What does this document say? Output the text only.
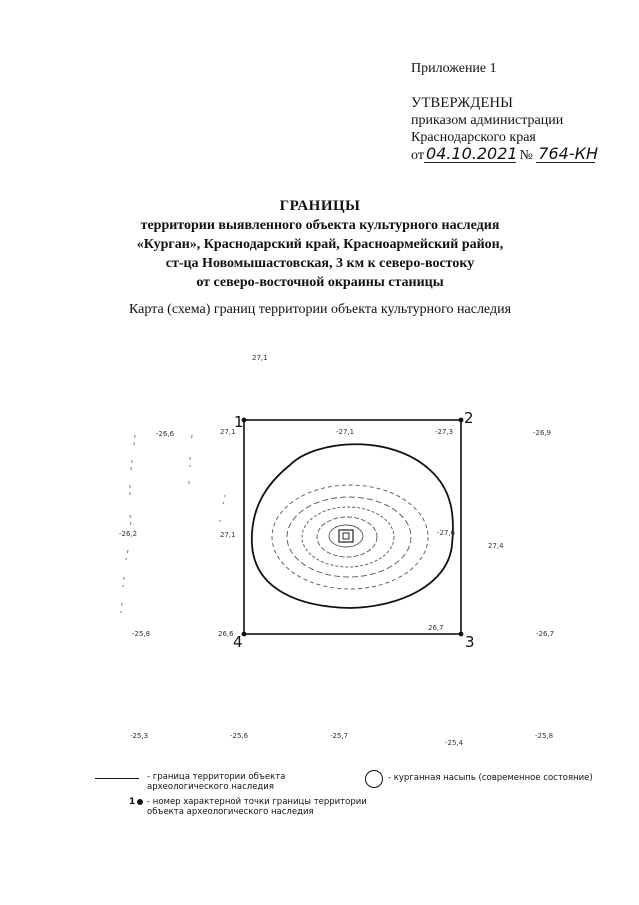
Приложение 1
УТВЕРЖДЕНЫ
приказом администрации
Краснодарского края
от 04.10.2021 № 764-КН
ГРАНИЦЫ
территории выявленного объекта культурного наследия
«Курган», Краснодарский край, Красноармейский район,
ст-ца Новомышастовская, 3 км к северо-востоку
от северо-восточной окраины станицы
Карта (схема) границ территории объекта культурного наследия
1	2
3
4
27,1
-26,6	27,1	-27,1	-27,3	-26,9
-26,2	27,1	-27,6
27,4
-25,8	26,6
26,7
-26,7
-25,3	-25,6	-25,7
-25,4
-25,8
- граница территории объекта археологического наследия
- курганная насыпь (современное состояние)
1 - номер характерной точки границы территории объекта археологического наследия
